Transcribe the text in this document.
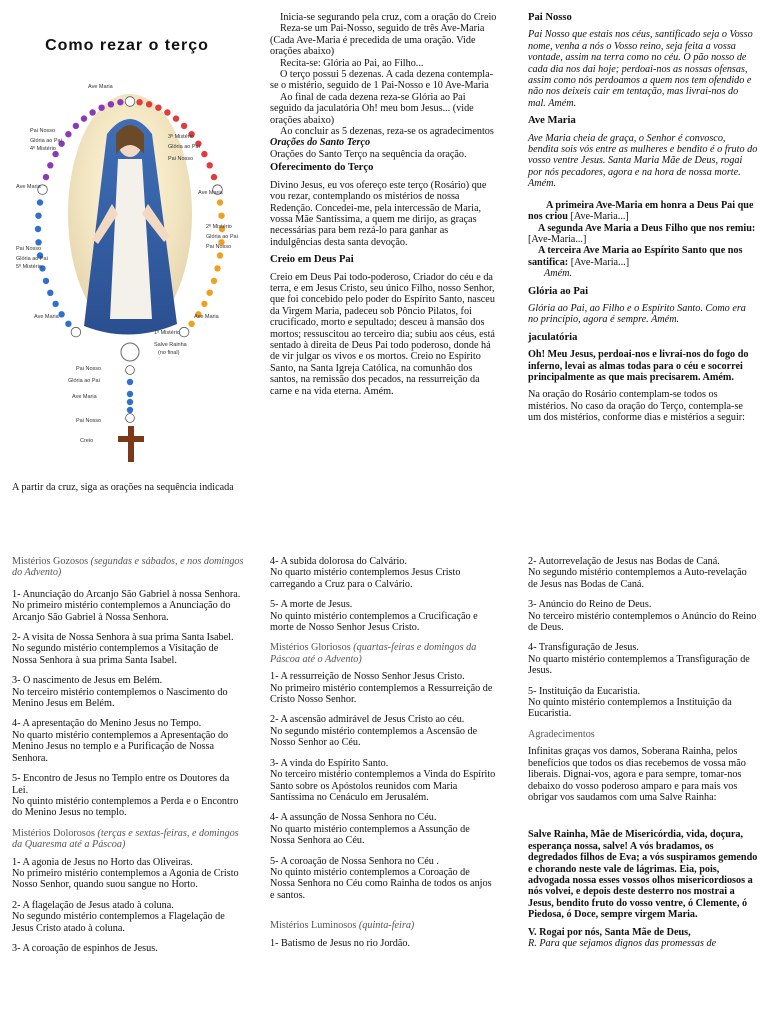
Como rezar o terço
Ave Maria
Pai Nosso
Glória ao Pai
4º Mistério
3º Mistério
Glória ao Pai
Pai Nosso
Ave Maria
Ave Maria
2º Mistério
Glória ao Pai
Pai Nosso
Pai Nosso
Glória ao Pai
5º Mistério
Ave Maria	Ave Maria
1º Mistério
Salve Rainha
(no final)
Pai Nosso
Glória ao Pai
Ave Maria
Pai Nosso
Creio
A partir da cruz, siga as orações na sequência indicada

Inicia-se segurando pela cruz, com a oração do Creio

Reza-se um Pai-Nosso, seguido de três Ave-Maria (Cada Ave-Maria é precedida de uma oração. Vide orações abaixo)

Recita-se: Glória ao Pai, ao Filho...

O terço possui 5 dezenas. A cada dezena contempla-se o mistério, seguido de 1 Pai-Nosso e 10 Ave-Maria

Ao final de cada dezena reza-se Glória ao Pai seguido da jaculatória Oh! meu bom Jesus... (vide orações abaixo)

Ao concluir as 5 dezenas, reza-se os agradecimentos

Orações do Santo Terço

Orações do Santo Terço na sequência da oração.

Oferecimento do Terço

Divino Jesus, eu vos ofereço este terço (Rosário) que vou rezar, contemplando os mistérios de nossa Redenção. Concedei-me, pela intercessão de Maria, vossa Mãe Santíssima, a quem me dirijo, as graças necessárias para bem rezá-lo para ganhar as indulgências desta santa devoção.

Creio em Deus Pai

Creio em Deus Pai todo-poderoso, Criador do céu e da terra, e em Jesus Cristo, seu único Filho, nosso Senhor, que foi concebido pelo poder do Espírito Santo, nasceu da Virgem Maria, padeceu sob Pôncio Pilatos, foi crucificado, morto e sepultado; desceu à mansão dos mortos; ressuscitou ao terceiro dia; subiu aos céus, está sentado à direita de Deus Pai todo poderoso, donde há de vir julgar os vivos e os mortos. Creio no Espírito Santo, na Santa Igreja Católica, na comunhão dos santos, na remissão dos pecados, na ressurreição da carne e na vida eterna. Amém.

Pai Nosso

Pai Nosso que estais nos céus, santificado seja o Vosso nome, venha a nós o Vosso reino, seja feita a vossa vontade, assim na terra como no céu. O pão nosso de cada dia nos dai hoje; perdoai-nos as nossas ofensas, assim como nós perdoamos a quem nos tem ofendido e não nos deixeis cair em tentação, mas livrai-nos do mal. Amém.

Ave Maria

Ave Maria cheia de graça, o Senhor é convosco, bendita sois vós entre as mulheres e bendito é o fruto do vosso ventre Jesus. Santa Maria Mãe de Deus, rogai por nós pecadores, agora e na hora de nossa morte. Amém.

A primeira Ave-Maria em honra a Deus Pai que nos criou [Ave-Maria...]

A segunda Ave Maria a Deus Filho que nos remiu: [Ave-Maria...]

A terceira Ave Maria ao Espírito Santo que nos santifica: [Ave-Maria...]

Amém.

Glória ao Pai

Glória ao Pai, ao Filho e o Espírito Santo. Como era no princípio, agora é sempre. Amém.

jaculatória

Oh! Meu Jesus, perdoai-nos e livrai-nos do fogo do inferno, levai as almas todas para o céu e socorrei principalmente as que mais precisarem. Amém.

Na oração do Rosário contemplam-se todos os mistérios. No caso da oração do Terço, contempla-se um dos mistérios, conforme dias e mistérios a seguir:

Mistérios Gozosos (segundas e sábados, e nos domingos do Advento)

1- Anunciação do Arcanjo São Gabriel à nossa Senhora.

No primeiro mistério contemplemos a Anunciação do Arcanjo São Gabriel à Nossa Senhora.

2- A visita de Nossa Senhora à sua prima Santa Isabel.

No segundo mistério contemplemos a Visitação de Nossa Senhora à sua prima Santa Isabel.

3- O nascimento de Jesus em Belém.

No terceiro mistério contemplemos o Nascimento do Menino Jesus em Belém.

4- A apresentação do Menino Jesus no Tempo.

No quarto mistério contemplemos a Apresentação do Menino Jesus no templo e a Purificação de Nossa Senhora.

5- Encontro de Jesus no Templo entre os Doutores da Lei.

No quinto mistério contemplemos a Perda e o Encontro do Menino Jesus no templo.

Mistérios Dolorosos (terças e sextas-feiras, e domingos da Quaresma até a Páscoa)

1- A agonia de Jesus no Horto das Oliveiras.

No primeiro mistério contemplemos a Agonia de Cristo Nosso Senhor, quando suou sangue no Horto.

2- A flagelação de Jesus atado à coluna.

No segundo mistério contemplemos a Flagelação de Jesus Cristo atado à coluna.

3- A coroação de espinhos de Jesus.

4- A subida dolorosa do Calvário.

No quarto mistério contemplemos Jesus Cristo carregando a Cruz para o Calvário.

5- A morte de Jesus.

No quinto mistério contemplemos a Crucificação e morte de Nosso Senhor Jesus Cristo.

Mistérios Gloriosos (quartas-feiras e domingos da Páscoa até o Advento)

1- A ressurreição de Nosso Senhor Jesus Cristo.

No primeiro mistério contemplemos a Ressurreição de Cristo Nosso Senhor.

2- A ascensão admirável de Jesus Cristo ao céu.

No segundo mistério contemplemos a Ascensão de Nosso Senhor ao Céu.

3- A vinda do Espírito Santo.

No terceiro mistério contemplemos a Vinda do Espírito Santo sobre os Apóstolos reunidos com Maria Santíssima no Cenáculo em Jerusalém.

4- A assunção de Nossa Senhora no Céu.

No quarto mistério contemplemos a Assunção de Nossa Senhora ao Céu.

5- A coroação de Nossa Senhora no Céu .

No quinto mistério contemplemos a Coroação de Nossa Senhora no Céu como Rainha de todos os anjos e santos.

Mistérios Luminosos (quinta-feira)

1- Batismo de Jesus no rio Jordão.

2- Autorrevelação de Jesus nas Bodas de Caná.

No segundo mistério contemplemos a Auto-revelação de Jesus nas Bodas de Caná.

3- Anúncio do Reino de Deus.

No terceiro mistério contemplemos o Anúncio do Reino de Deus.

4- Transfiguração de Jesus.

No quarto mistério contemplemos a Transfiguração de Jesus.

5- Instituição da Eucaristia.

No quinto mistério contemplemos a Instituição da Eucaristia.

Agradecimentos

Infinitas graças vos damos, Soberana Rainha, pelos benefícios que todos os dias recebemos de vossa mão liberais. Dignai-vos, agora e para sempre, tomar-nos debaixo do vosso poderoso amparo e para mais vos obrigar vos saudamos com uma Salve Rainha:

Salve Rainha, Mãe de Misericórdia, vida, doçura, esperança nossa, salve! A vós bradamos, os degredados filhos de Eva; a vós suspiramos gemendo e chorando neste vale de lágrimas. Eia, pois, advogada nossa esses vossos olhos misericordiosos a nós volvei, e depois deste desterro nos mostrai a Jesus, bendito fruto do vosso ventre, ó Clemente, ó Piedosa, ó Doce, sempre virgem Maria.

V. Rogai por nós, Santa Mãe de Deus,

R. Para que sejamos dignos das promessas de
